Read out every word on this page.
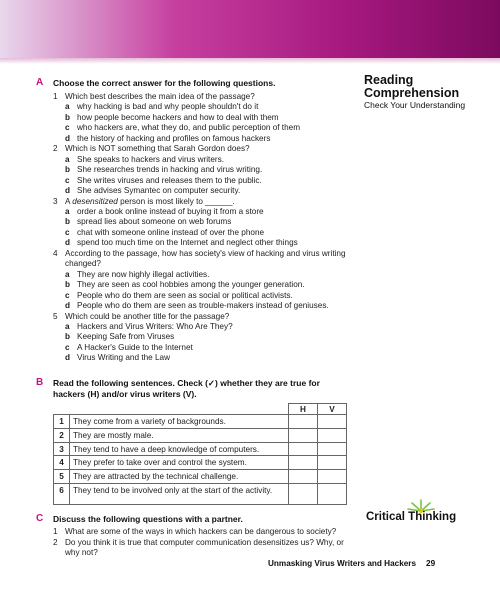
Reading Comprehension
Check Your Understanding
A Choose the correct answer for the following questions.
1 Which best describes the main idea of the passage?
a why hacking is bad and why people shouldn't do it
b how people become hackers and how to deal with them
c who hackers are, what they do, and public perception of them
d the history of hacking and profiles on famous hackers
2 Which is NOT something that Sarah Gordon does?
a She speaks to hackers and virus writers.
b She researches trends in hacking and virus writing.
c She writes viruses and releases them to the public.
d She advises Symantec on computer security.
3 A desensitized person is most likely to ______.
a order a book online instead of buying it from a store
b spread lies about someone on web forums
c chat with someone online instead of over the phone
d spend too much time on the Internet and neglect other things
4 According to the passage, how has society's view of hacking and virus writing changed?
a They are now highly illegal activities.
b They are seen as cool hobbies among the younger generation.
c People who do them are seen as social or political activists.
d People who do them are seen as trouble-makers instead of geniuses.
5 Which could be another title for the passage?
a Hackers and Virus Writers: Who Are They?
b Keeping Safe from Viruses
c A Hacker's Guide to the Internet
d Virus Writing and the Law
B Read the following sentences. Check (✓) whether they are true for
hackers (H) and/or virus writers (V).
		H	V
1	They come from a variety of backgrounds.		
2	They are mostly male.		
3	They tend to have a deep knowledge of computers.		
4	They prefer to take over and control the system.		
5	They are attracted by the technical challenge.		
6	They tend to be involved only at the start of the activity.		
Critical Thinking
C Discuss the following questions with a partner.
1 What are some of the ways in which hackers can be dangerous to society?
2 Do you think it is true that computer communication desensitizes us? Why, or why not?
Unmasking Virus Writers and Hackers 29
